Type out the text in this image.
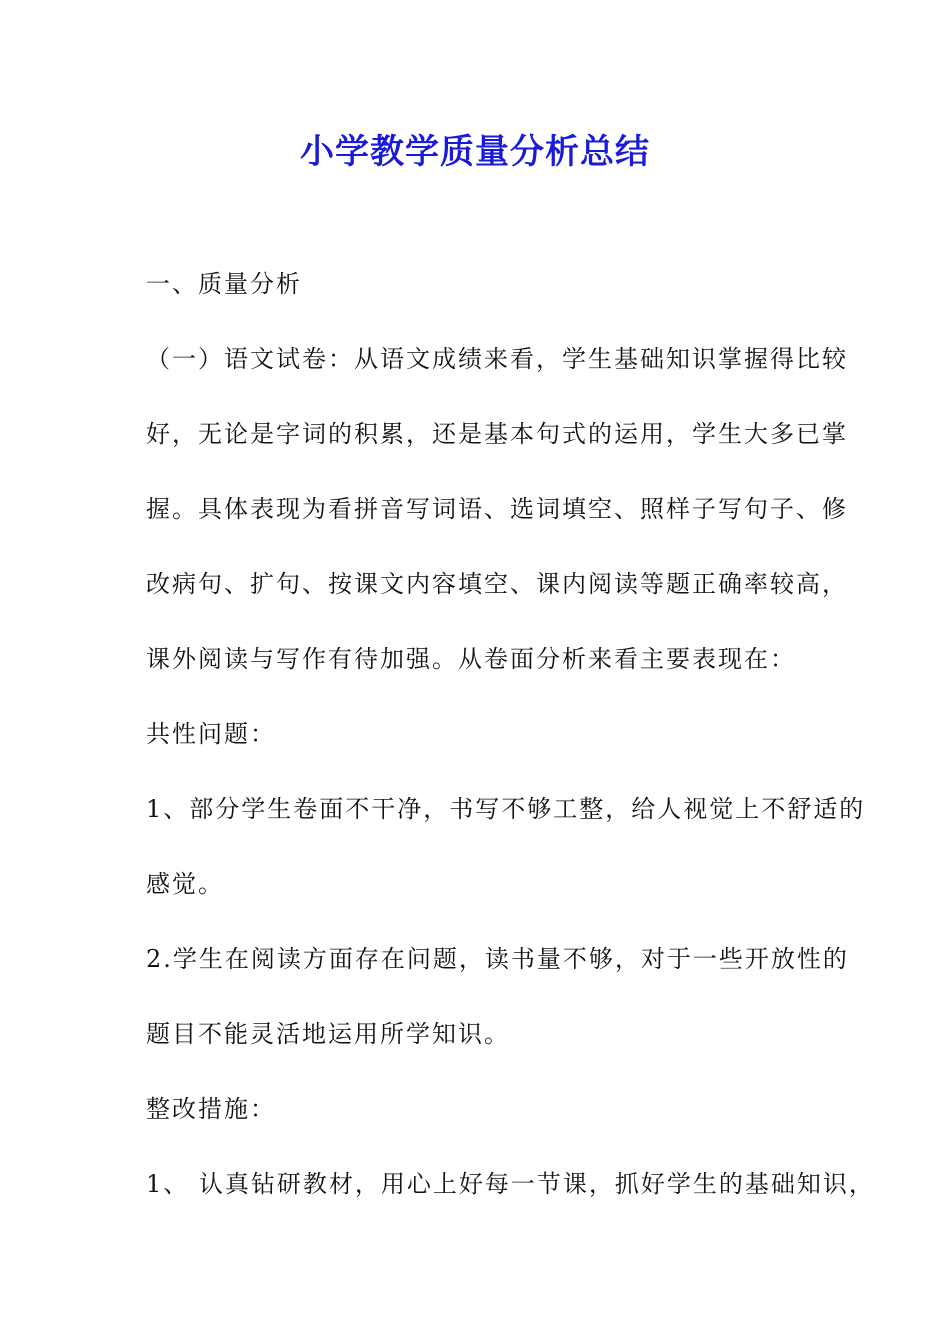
小学教学质量分析总结
一、质量分析
（一）语文试卷：从语文成绩来看，学生基础知识掌握得比较
好，无论是字词的积累，还是基本句式的运用，学生大多已掌
握。具体表现为看拼音写词语、选词填空、照样子写句子、修
改病句、扩句、按课文内容填空、课内阅读等题正确率较高，
课外阅读与写作有待加强。从卷面分析来看主要表现在：
共性问题：
1、部分学生卷面不干净，书写不够工整，给人视觉上不舒适的
感觉。
2.学生在阅读方面存在问题，读书量不够，对于一些开放性的
题目不能灵活地运用所学知识。
整改措施：
1、 认真钻研教材，用心上好每一节课，抓好学生的基础知识，
